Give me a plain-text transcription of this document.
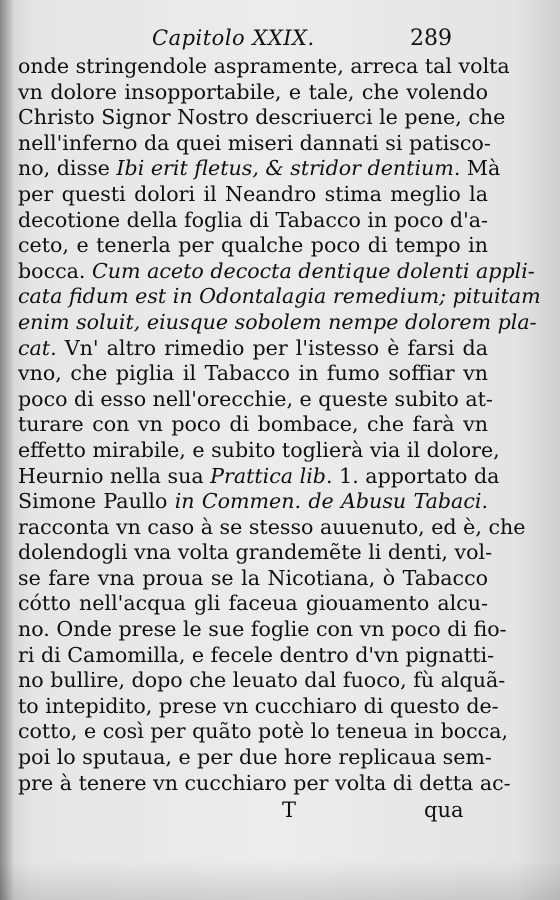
Capitolo XXIX.	289
onde stringendole aspramente, arreca tal volta
vn dolore insopportabile, e tale, che volendo
Christo Signor Nostro descriuerci le pene, che
nell'inferno da quei miseri dannati si patisco-
no, disse Ibi erit fletus, & stridor dentium. Mà
per questi dolori il Neandro stima meglio la
decotione della foglia di Tabacco in poco d'a-
ceto, e tenerla per qualche poco di tempo in
bocca. Cum aceto decocta dentique dolenti appli-
cata fidum est in Odontalagia remedium; pituitam
enim soluit, eiusque sobolem nempe dolorem pla-
cat. Vn' altro rimedio per l'istesso è farsi da
vno, che piglia il Tabacco in fumo soffiar vn
poco di esso nell'orecchie, e queste subito at-
turare con vn poco di bombace, che farà vn
effetto mirabile, e subito toglierà via il dolore,
Heurnio nella sua Prattica lib. 1. apportato da
Simone Paullo in Commen. de Abusu Tabaci.
racconta vn caso à se stesso auuenuto, ed è, che
dolendogli vna volta grandemẽte li denti, vol-
se fare vna proua se la Nicotiana, ò Tabacco
cótto nell'acqua gli faceua giouamento alcu-
no. Onde prese le sue foglie con vn poco di fio-
ri di Camomilla, e fecele dentro d'vn pignatti-
no bullire, dopo che leuato dal fuoco, fù alquã-
to intepidito, prese vn cucchiaro di questo de-
cotto, e così per quãto potè lo teneua in bocca,
poi lo sputaua, e per due hore replicaua sem-
pre à tenere vn cucchiaro per volta di detta ac-
T	qua
